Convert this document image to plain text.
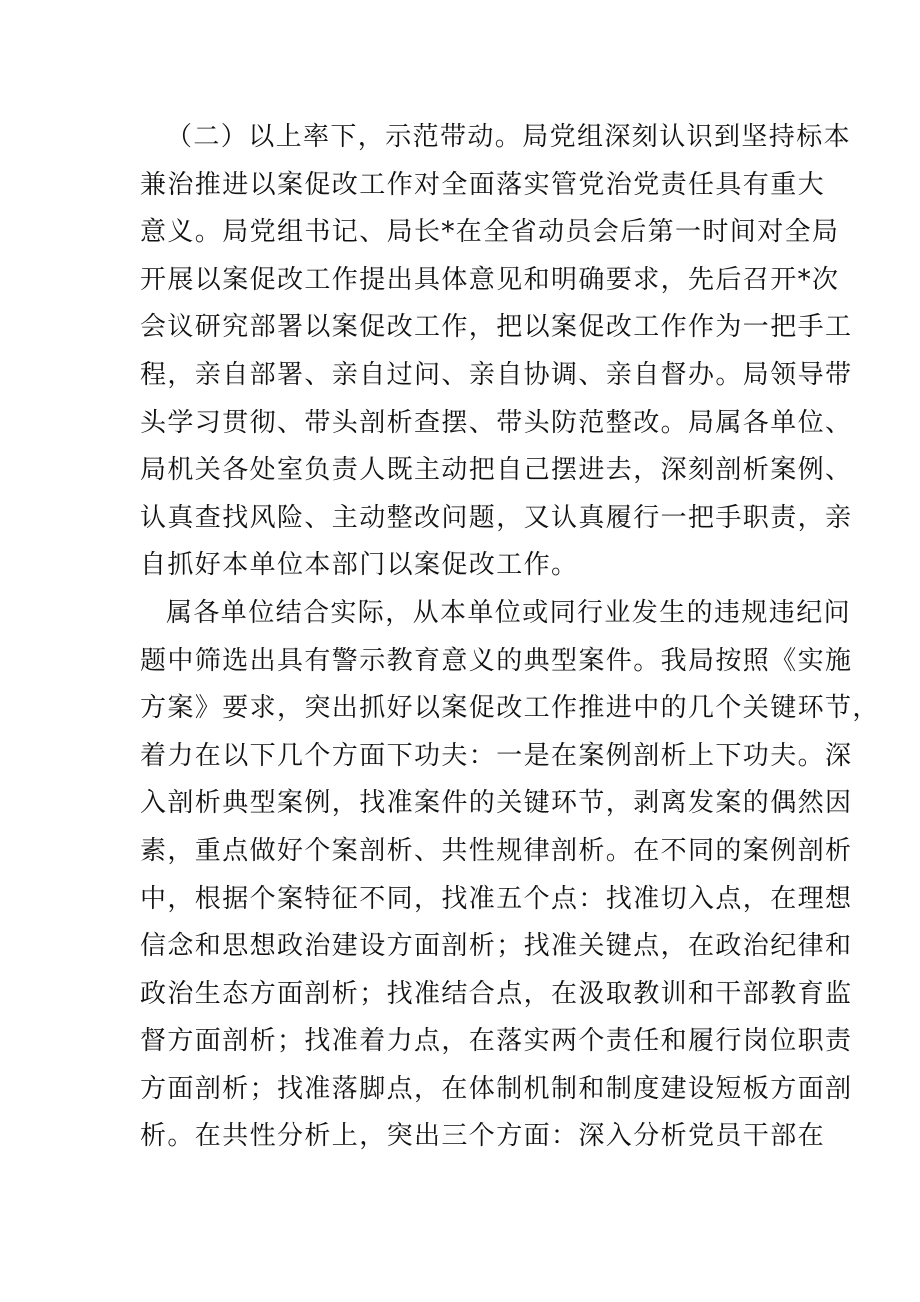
（二）以上率下，示范带动。局党组深刻认识到坚持标本
兼治推进以案促改工作对全面落实管党治党责任具有重大
意义。局党组书记、局长*在全省动员会后第一时间对全局
开展以案促改工作提出具体意见和明确要求，先后召开*次
会议研究部署以案促改工作，把以案促改工作作为一把手工
程，亲自部署、亲自过问、亲自协调、亲自督办。局领导带
头学习贯彻、带头剖析查摆、带头防范整改。局属各单位、
局机关各处室负责人既主动把自己摆进去，深刻剖析案例、
认真查找风险、主动整改问题，又认真履行一把手职责，亲
自抓好本单位本部门以案促改工作。
属各单位结合实际，从本单位或同行业发生的违规违纪问
题中筛选出具有警示教育意义的典型案件。我局按照《实施
方案》要求，突出抓好以案促改工作推进中的几个关键环节，
着力在以下几个方面下功夫：一是在案例剖析上下功夫。深
入剖析典型案例，找准案件的关键环节，剥离发案的偶然因
素，重点做好个案剖析、共性规律剖析。在不同的案例剖析
中，根据个案特征不同，找准五个点：找准切入点，在理想
信念和思想政治建设方面剖析；找准关键点，在政治纪律和
政治生态方面剖析；找准结合点，在汲取教训和干部教育监
督方面剖析；找准着力点，在落实两个责任和履行岗位职责
方面剖析；找准落脚点，在体制机制和制度建设短板方面剖
析。在共性分析上，突出三个方面：深入分析党员干部在
